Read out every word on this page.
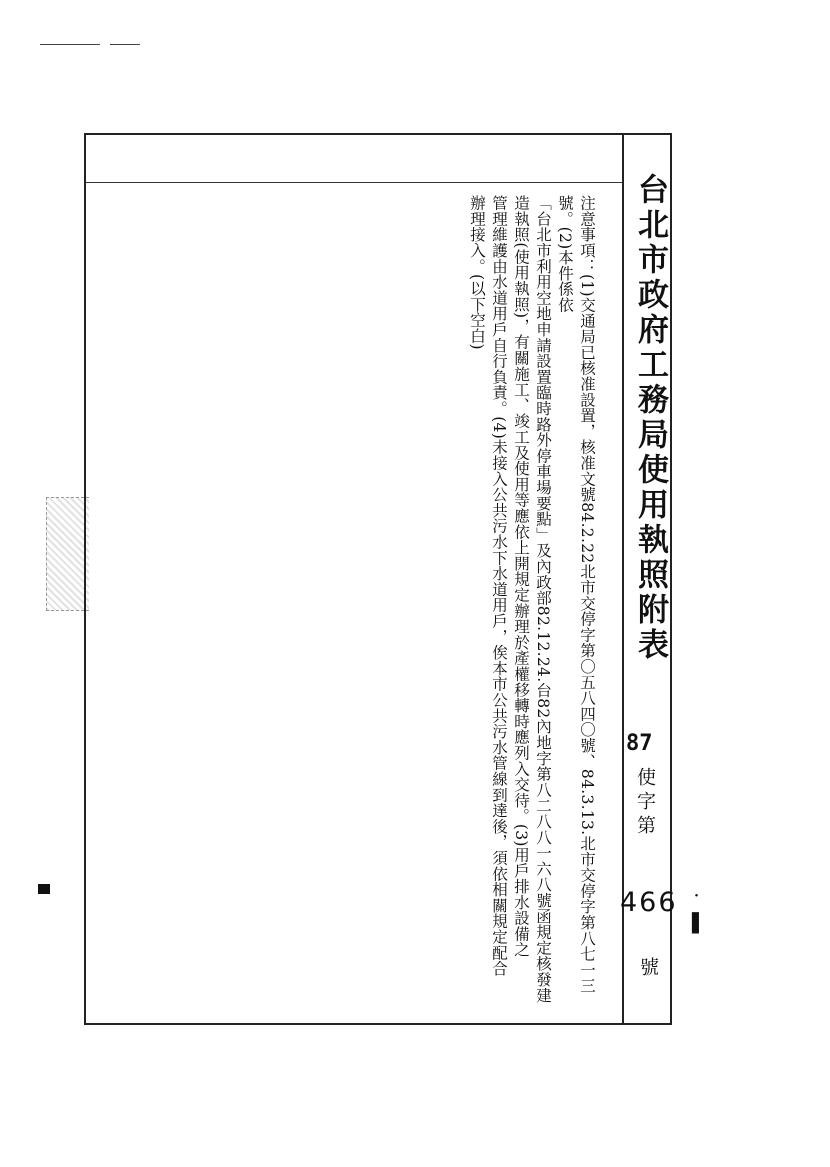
台北市政府工務局使用執照附表
87
使字第
466 ˙ ▌
號

注意事項：(1)交通局已核准設置，核准文號84.2.22北市交停字第〇五八四〇號、84.3.13.北市交停字第八七一三號。(2)本件係依

「台北市利用空地申請設置臨時路外停車場要點」及內政部82.12.24.台82內地字第八二八八一六八號函規定核發建

造執照(使用執照)，有關施工、竣工及使用等應依上開規定辦理於產權移轉時應列入交待。(3)用戶排水設備之

管理維護由水道用戶自行負責。(4)未接入公共污水下水道用戶，俟本市公共污水管線到達後，須依相關規定配合

辦理接入。(以下空白)
